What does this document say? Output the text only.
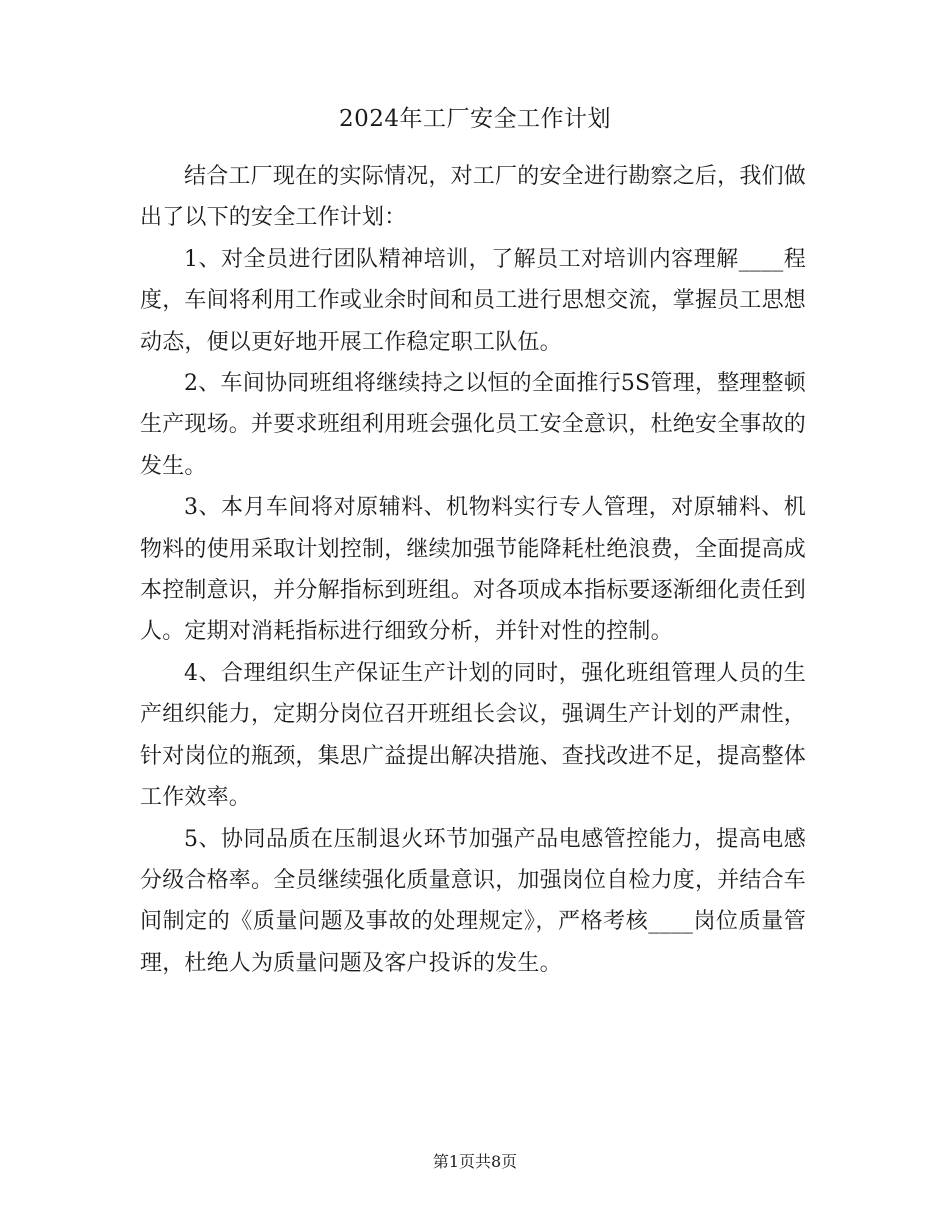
2024年工厂安全工作计划

结合工厂现在的实际情况，对工厂的安全进行勘察之后，我们做出了以下的安全工作计划：

1、对全员进行团队精神培训，了解员工对培训内容理解____程度，车间将利用工作或业余时间和员工进行思想交流，掌握员工思想动态，便以更好地开展工作稳定职工队伍。

2、车间协同班组将继续持之以恒的全面推行5S管理，整理整顿生产现场。并要求班组利用班会强化员工安全意识，杜绝安全事故的发生。

3、本月车间将对原辅料、机物料实行专人管理，对原辅料、机物料的使用采取计划控制，继续加强节能降耗杜绝浪费，全面提高成本控制意识，并分解指标到班组。对各项成本指标要逐渐细化责任到人。定期对消耗指标进行细致分析，并针对性的控制。

4、合理组织生产保证生产计划的同时，强化班组管理人员的生产组织能力，定期分岗位召开班组长会议，强调生产计划的严肃性，针对岗位的瓶颈，集思广益提出解决措施、查找改进不足，提高整体工作效率。

5、协同品质在压制退火环节加强产品电感管控能力，提高电感分级合格率。全员继续强化质量意识，加强岗位自检力度，并结合车间制定的《质量问题及事故的处理规定》，严格考核____岗位质量管理，杜绝人为质量问题及客户投诉的发生。

第1页共8页
